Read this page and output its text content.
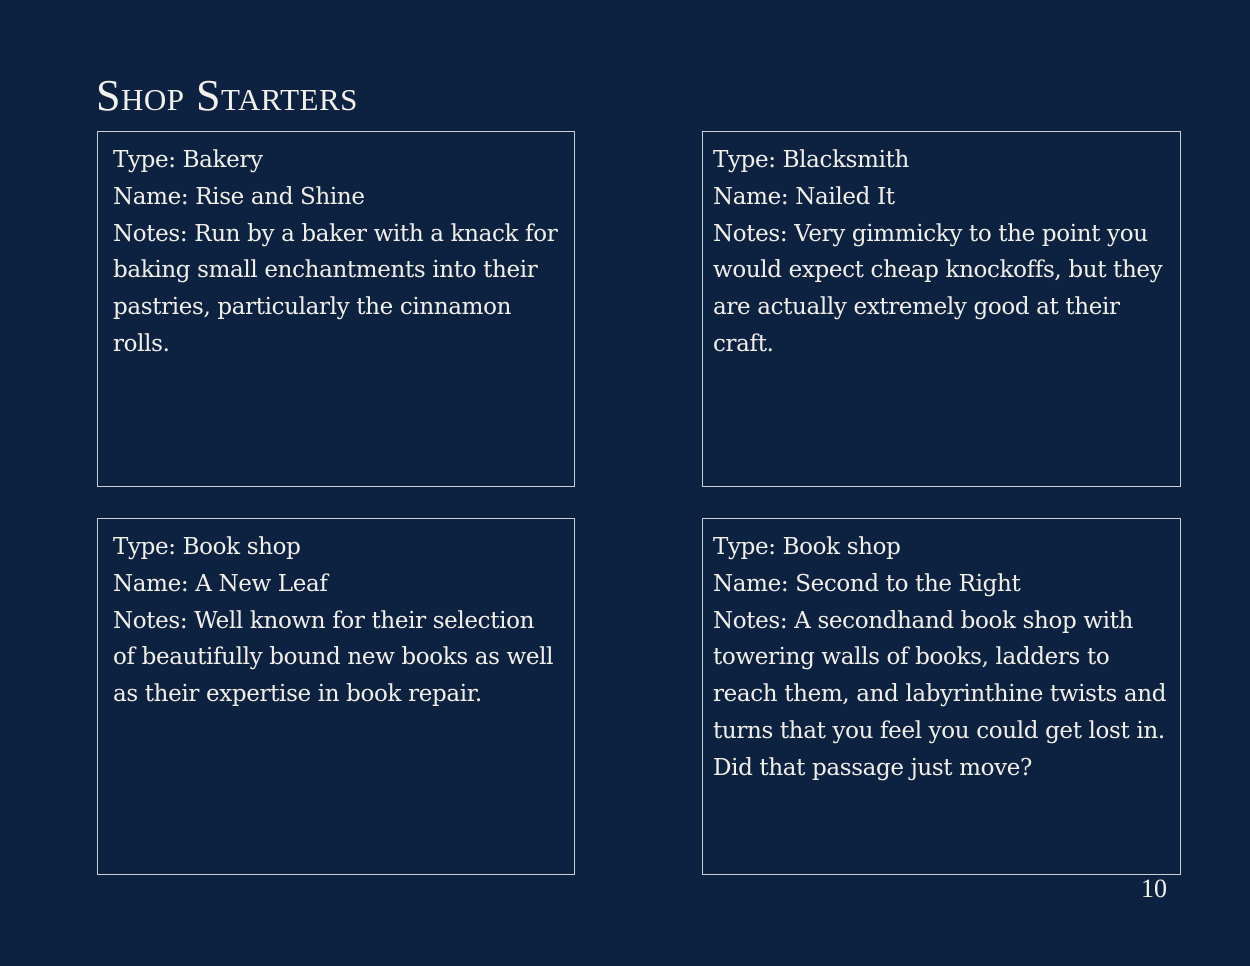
Shop Starters
Type: Bakery
Name: Rise and Shine
Notes: Run by a baker with a knack for baking small enchantments into their pastries, particularly the cinnamon rolls.
Type: Blacksmith
Name: Nailed It
Notes: Very gimmicky to the point you would expect cheap knockoffs, but they are actually extremely good at their craft.
Type: Book shop
Name: A New Leaf
Notes: Well known for their selection of beautifully bound new books as well as their expertise in book repair.
Type: Book shop
Name: Second to the Right
Notes: A secondhand book shop with towering walls of books, ladders to reach them, and labyrinthine twists and turns that you feel you could get lost in. Did that passage just move?
10
